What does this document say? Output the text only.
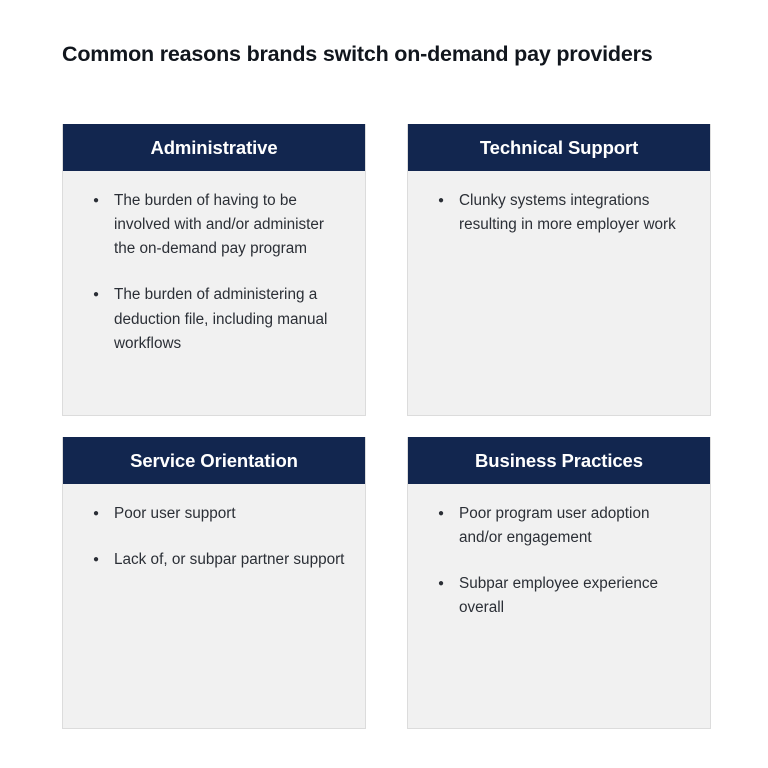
Common reasons brands switch on-demand pay providers
Administrative
● The burden of having to be involved with and/or administer the on-demand pay program
● The burden of administering a deduction file, including manual workflows
Technical Support
● Clunky systems integrations resulting in more employer work
Service Orientation
● Poor user support
● Lack of, or subpar partner support
Business Practices
● Poor program user adoption and/or engagement
● Subpar employee experience overall
